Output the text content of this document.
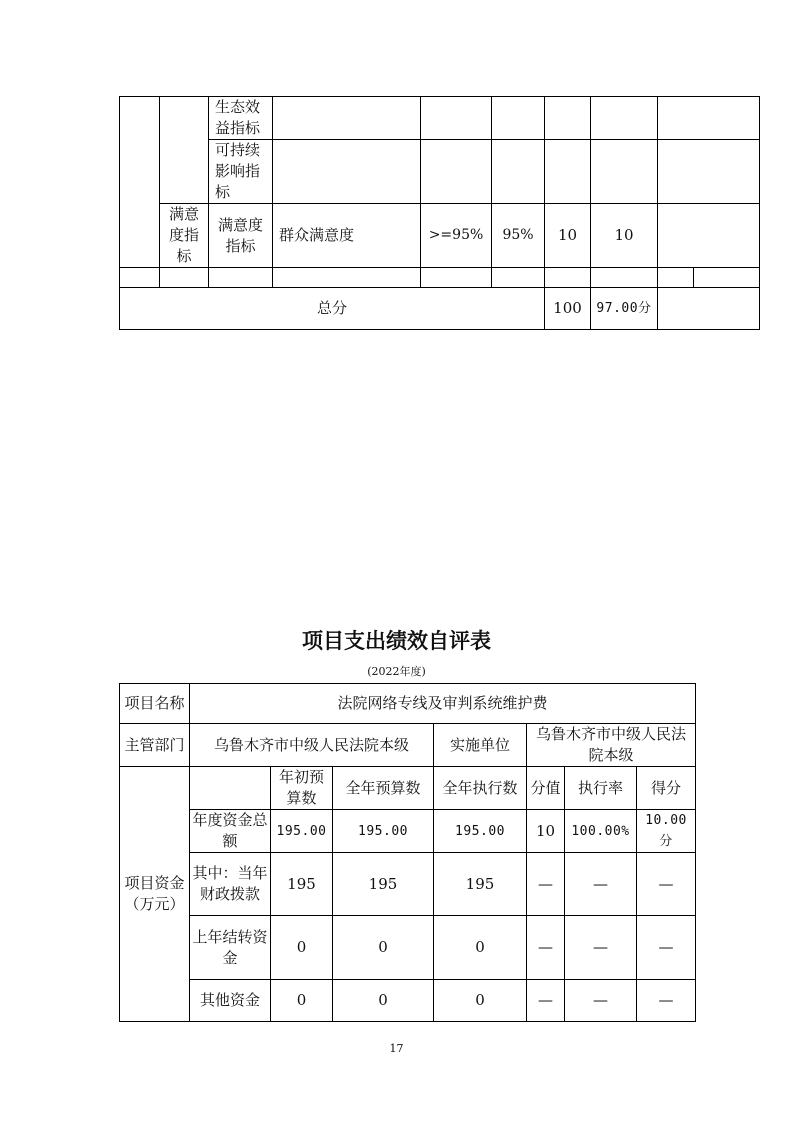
		生态效益指标							
		可持续影响指标							
	满意度指标	满意度指标	群众满意度	>=95%	95%	10	10		

总分						100	97.00分		
项目支出绩效自评表
(2022年度)
项目名称	法院网络专线及审判系统维护费						
主管部门	乌鲁木齐市中级人民法院本级			实施单位	乌鲁木齐市中级人民法院本级		
项目资金（万元）		年初预算数	全年预算数	全年执行数	分值	执行率	得分
	年度资金总额	195.00	195.00	195.00	10	100.00%	10.00分
	其中：当年财政拨款	195	195	195	—	—	—
	上年结转资金	0	0	0	—	—	—
	其他资金	0	0	0	—	—	—
17
